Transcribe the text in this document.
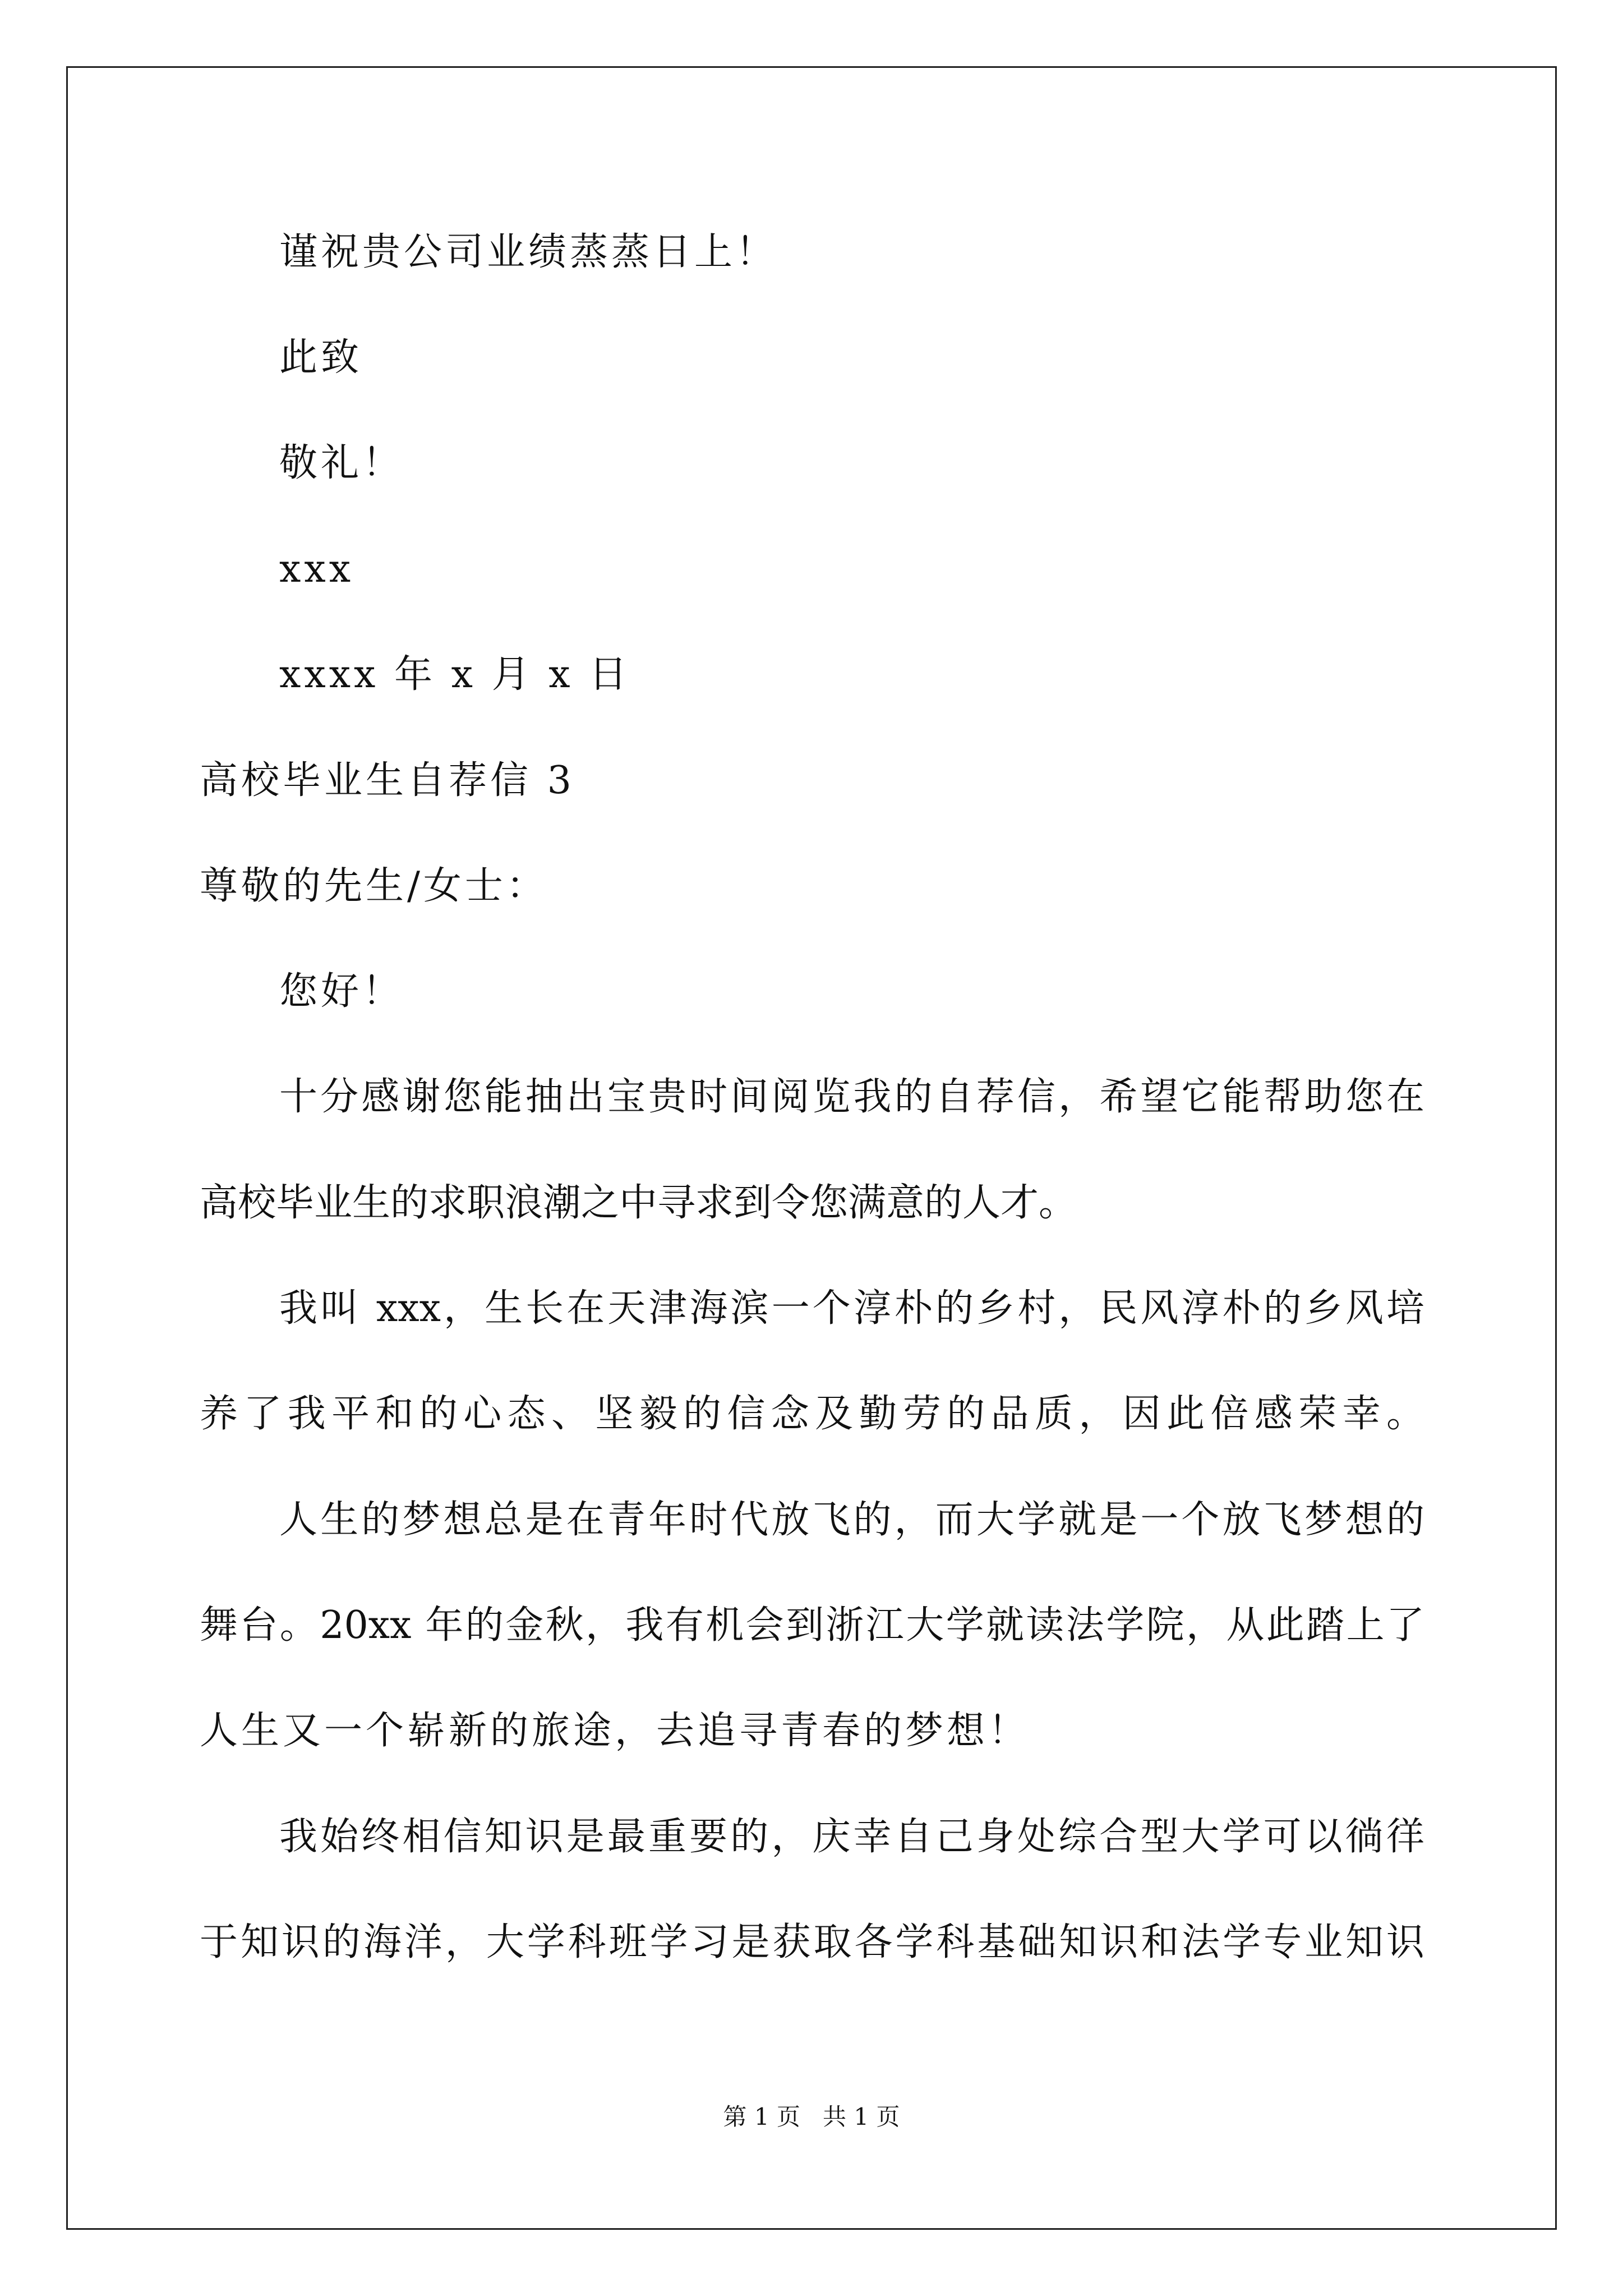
谨祝贵公司业绩蒸蒸日上！
此致
敬礼！
xxx
xxxx 年 x 月 x 日
高校毕业生自荐信 3
尊敬的先生/女士：
您好！
十分感谢您能抽出宝贵时间阅览我的自荐信，希望它能帮助您在
高校毕业生的求职浪潮之中寻求到令您满意的人才。
我叫 xxx，生长在天津海滨一个淳朴的乡村，民风淳朴的乡风培
养了我平和的心态、坚毅的信念及勤劳的品质，因此倍感荣幸。
人生的梦想总是在青年时代放飞的，而大学就是一个放飞梦想的
舞台。20xx 年的金秋，我有机会到浙江大学就读法学院，从此踏上了
人生又一个崭新的旅途，去追寻青春的梦想！
我始终相信知识是最重要的，庆幸自己身处综合型大学可以徜徉
于知识的海洋，大学科班学习是获取各学科基础知识和法学专业知识
第 1 页   共 1 页
